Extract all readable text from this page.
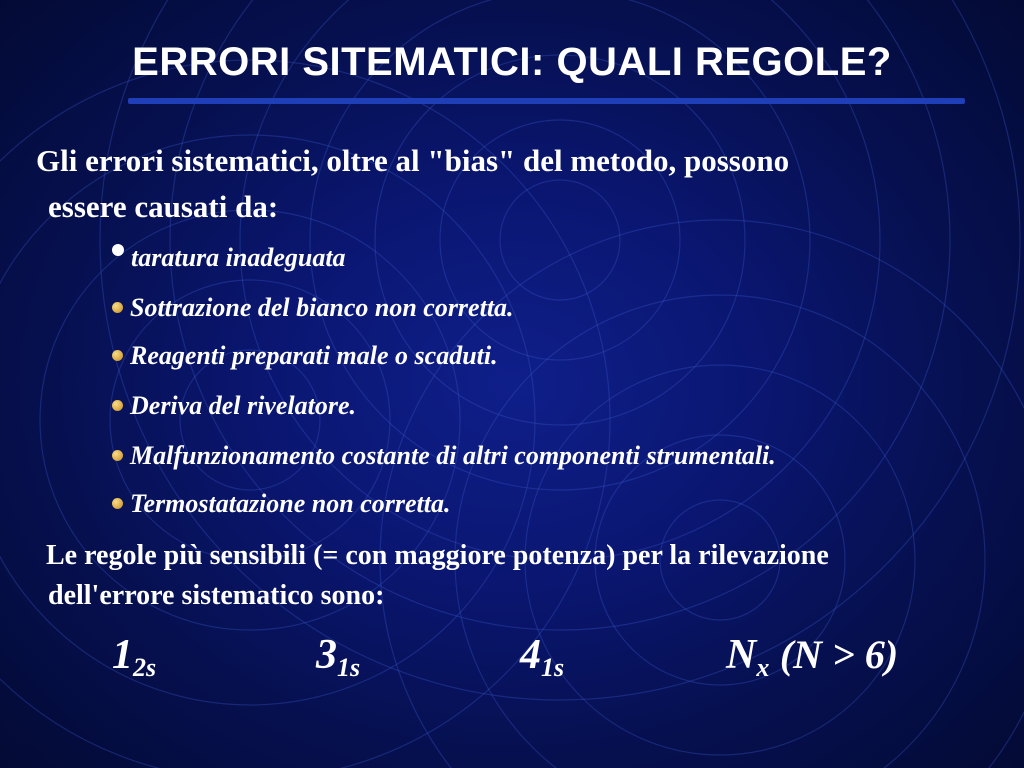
ERRORI SITEMATICI: QUALI REGOLE?
Gli errori sistematici, oltre al "bias" del metodo, possono
essere causati da:
taratura inadeguata
Sottrazione del bianco non corretta.
Reagenti preparati male o scaduti.
Deriva del rivelatore.
Malfunzionamento costante di altri componenti strumentali.
Termostatazione non corretta.
Le regole più sensibili (= con maggiore potenza) per la rilevazione
dell'errore sistematico sono:
$1_{2s}$	$3_{1s}$	$4_{1s}$	$N_x$ (N > 6)
